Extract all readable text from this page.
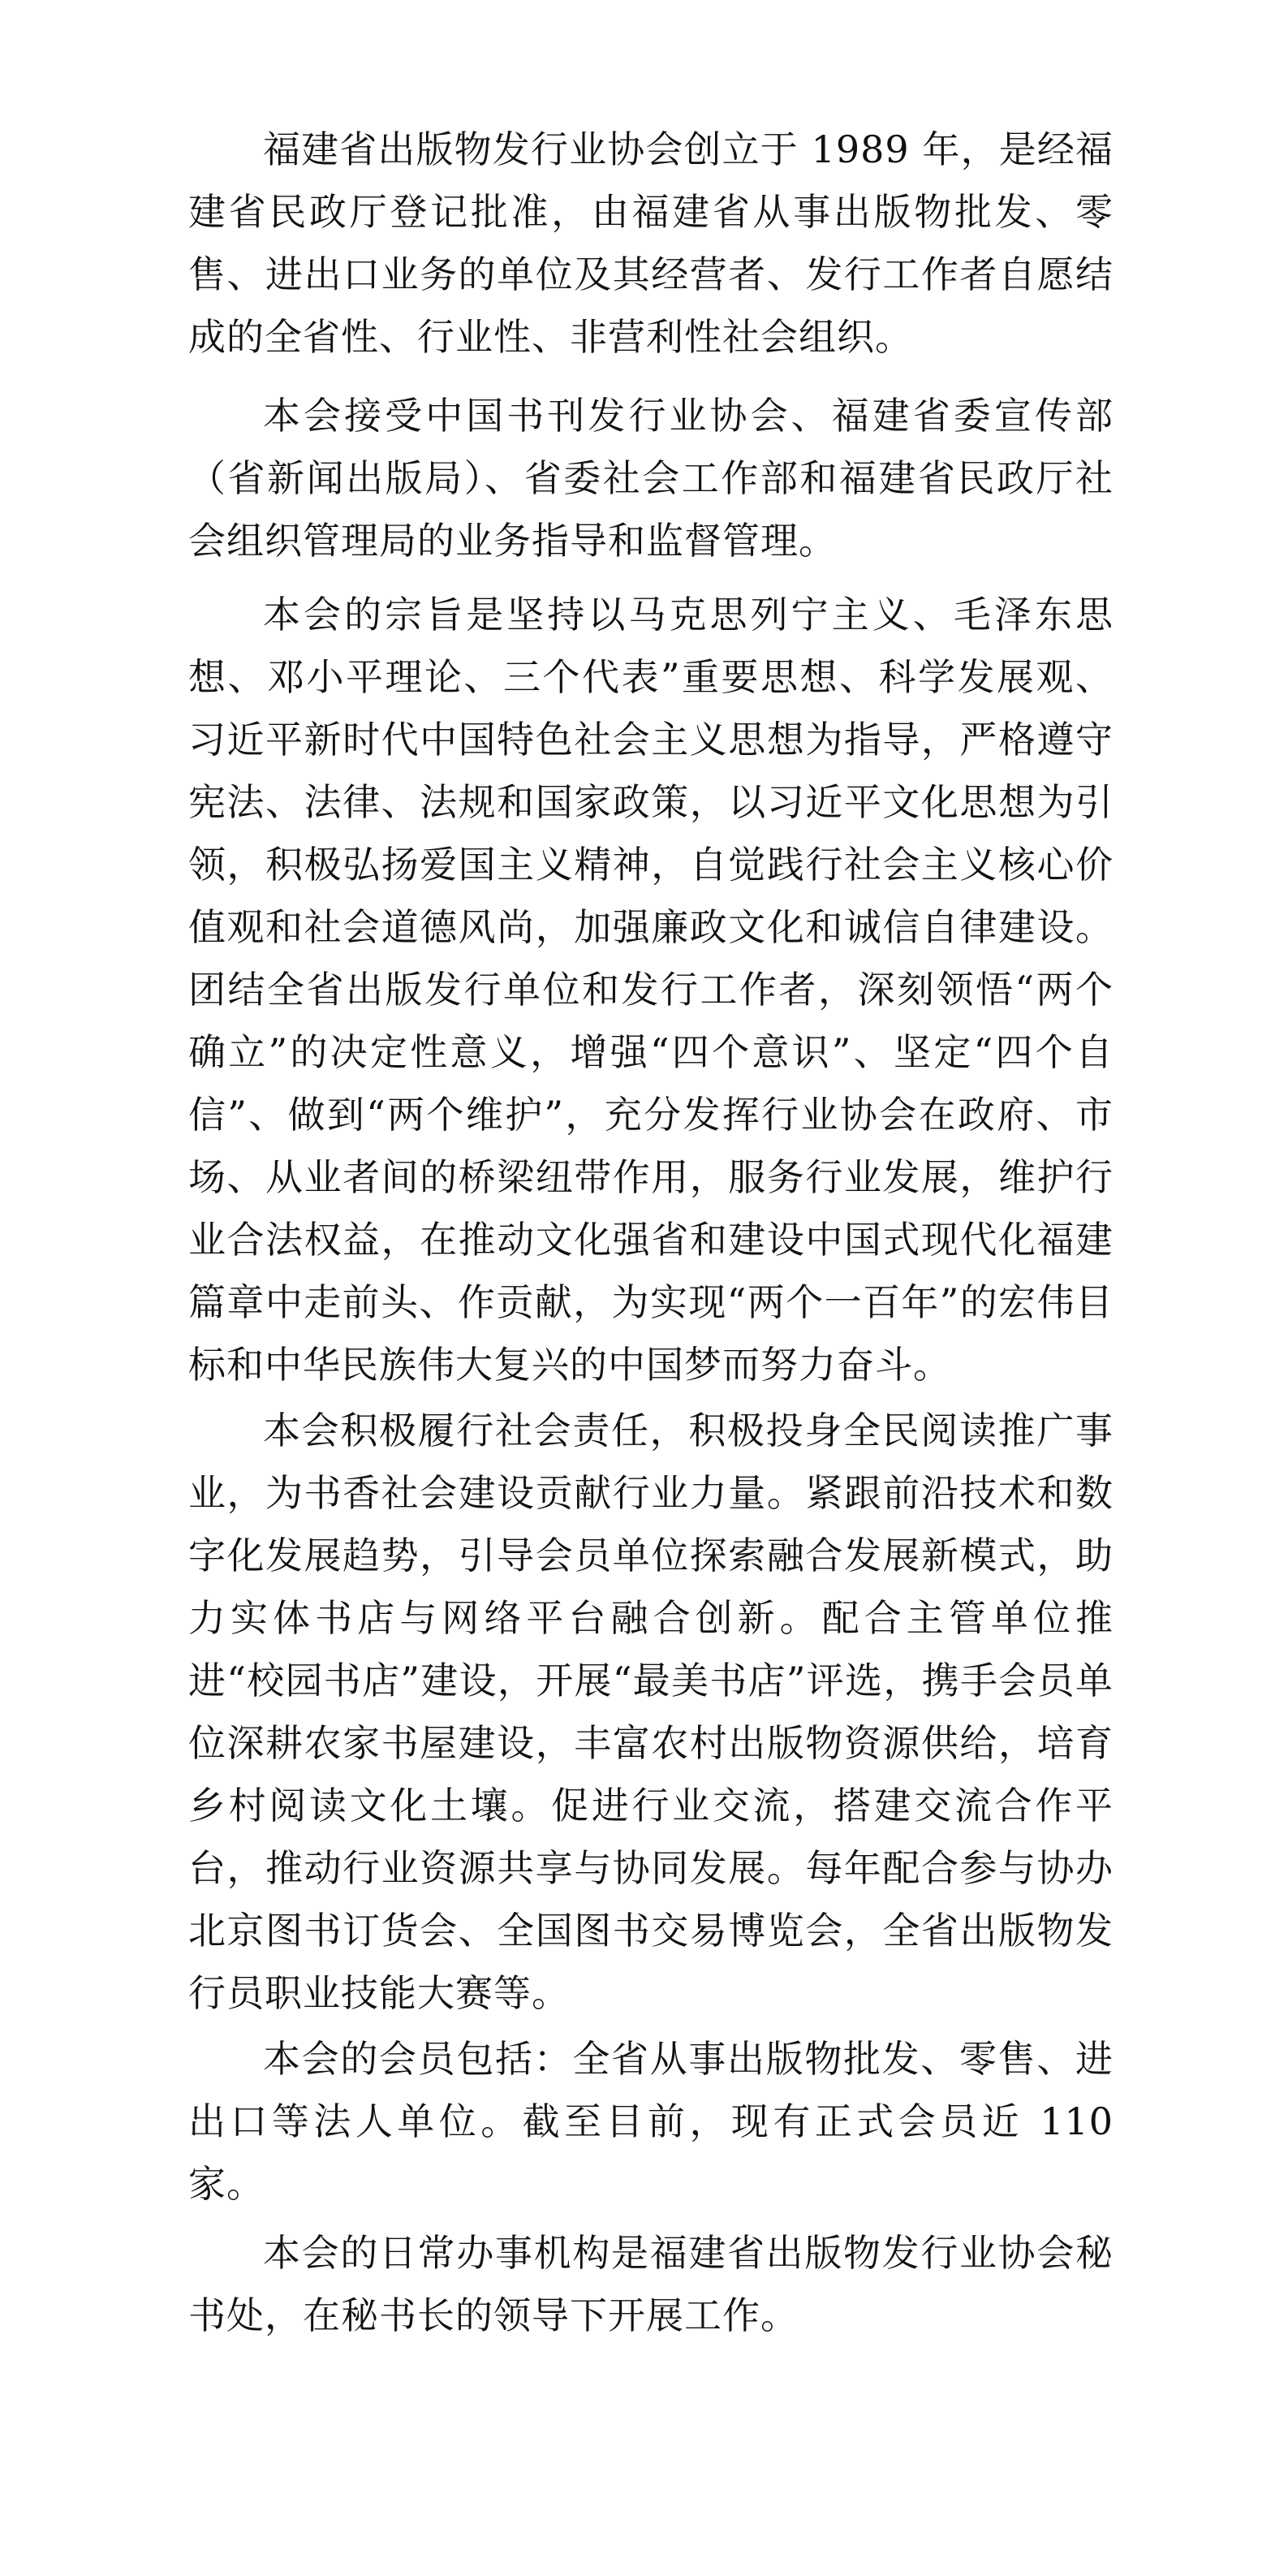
福建省出版物发行业协会创立于 1989 年，是经福建省民政厅登记批准，由福建省从事出版物批发、零售、进出口业务的单位及其经营者、发行工作者自愿结成的全省性、行业性、非营利性社会组织。

本会接受中国书刊发行业协会、福建省委宣传部（省新闻出版局）、省委社会工作部和福建省民政厅社会组织管理局的业务指导和监督管理。

本会的宗旨是坚持以马克思列宁主义、毛泽东思想、邓小平理论、三个代表”重要思想、科学发展观、习近平新时代中国特色社会主义思想为指导，严格遵守宪法、法律、法规和国家政策，以习近平文化思想为引领，积极弘扬爱国主义精神，自觉践行社会主义核心价值观和社会道德风尚，加强廉政文化和诚信自律建设。团结全省出版发行单位和发行工作者，深刻领悟“两个确立”的决定性意义，增强“四个意识”、坚定“四个自信”、做到“两个维护”，充分发挥行业协会在政府、市场、从业者间的桥梁纽带作用，服务行业发展，维护行业合法权益，在推动文化强省和建设中国式现代化福建篇章中走前头、作贡献，为实现“两个一百年”的宏伟目标和中华民族伟大复兴的中国梦而努力奋斗。

本会积极履行社会责任，积极投身全民阅读推广事业，为书香社会建设贡献行业力量。紧跟前沿技术和数字化发展趋势，引导会员单位探索融合发展新模式，助力实体书店与网络平台融合创新。配合主管单位推进“校园书店”建设，开展“最美书店”评选，携手会员单位深耕农家书屋建设，丰富农村出版物资源供给，培育乡村阅读文化土壤。促进行业交流，搭建交流合作平台，推动行业资源共享与协同发展。每年配合参与协办北京图书订货会、全国图书交易博览会，全省出版物发行员职业技能大赛等。

本会的会员包括：全省从事出版物批发、零售、进出口等法人单位。截至目前，现有正式会员近 110 家。

本会的日常办事机构是福建省出版物发行业协会秘书处，在秘书长的领导下开展工作。
